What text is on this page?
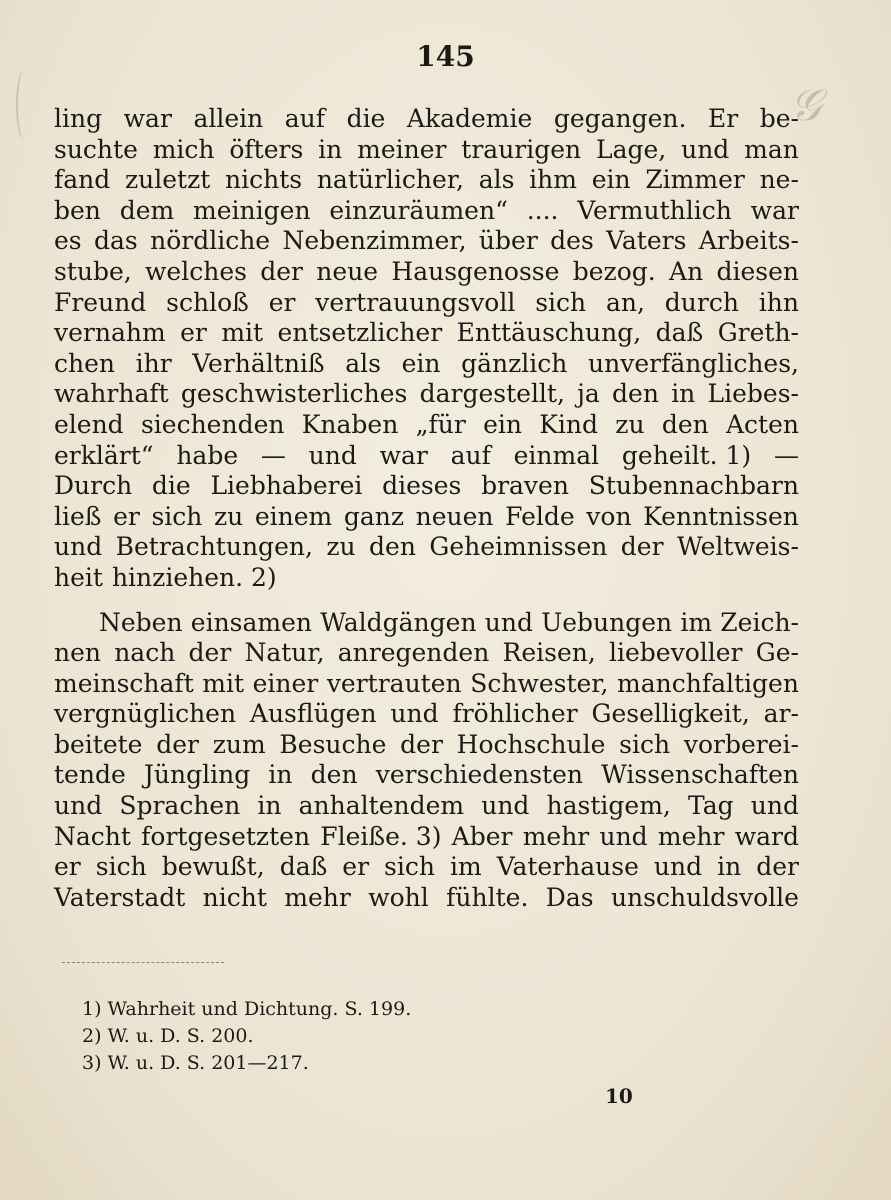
𝒢
145
ling war allein auf die Akademie gegangen. Er be-
suchte mich öfters in meiner traurigen Lage, und man
fand zuletzt nichts natürlicher, als ihm ein Zimmer ne-
ben dem meinigen einzuräumen“ .... Vermuthlich war
es das nördliche Nebenzimmer, über des Vaters Arbeits-
stube, welches der neue Hausgenosse bezog. An diesen
Freund schloß er vertrauungsvoll sich an, durch ihn
vernahm er mit entsetzlicher Enttäuschung, daß Greth-
chen ihr Verhältniß als ein gänzlich unverfängliches,
wahrhaft geschwisterliches dargestellt, ja den in Liebes-
elend siechenden Knaben „für ein Kind zu den Acten
erklärt“ habe — und war auf einmal geheilt. 1) —
Durch die Liebhaberei dieses braven Stubennachbarn
ließ er sich zu einem ganz neuen Felde von Kenntnissen
und Betrachtungen, zu den Geheimnissen der Weltweis-
heit hinziehen. 2)
Neben einsamen Waldgängen und Uebungen im Zeich-
nen nach der Natur, anregenden Reisen, liebevoller Ge-
meinschaft mit einer vertrauten Schwester, manchfaltigen
vergnüglichen Ausflügen und fröhlicher Geselligkeit, ar-
beitete der zum Besuche der Hochschule sich vorberei-
tende Jüngling in den verschiedensten Wissenschaften
und Sprachen in anhaltendem und hastigem, Tag und
Nacht fortgesetzten Fleiße. 3) Aber mehr und mehr ward
er sich bewußt, daß er sich im Vaterhause und in der
Vaterstadt nicht mehr wohl fühlte. Das unschuldsvolle
1) Wahrheit und Dichtung. S. 199.
2) W. u. D. S. 200.
3) W. u. D. S. 201—217.
10
